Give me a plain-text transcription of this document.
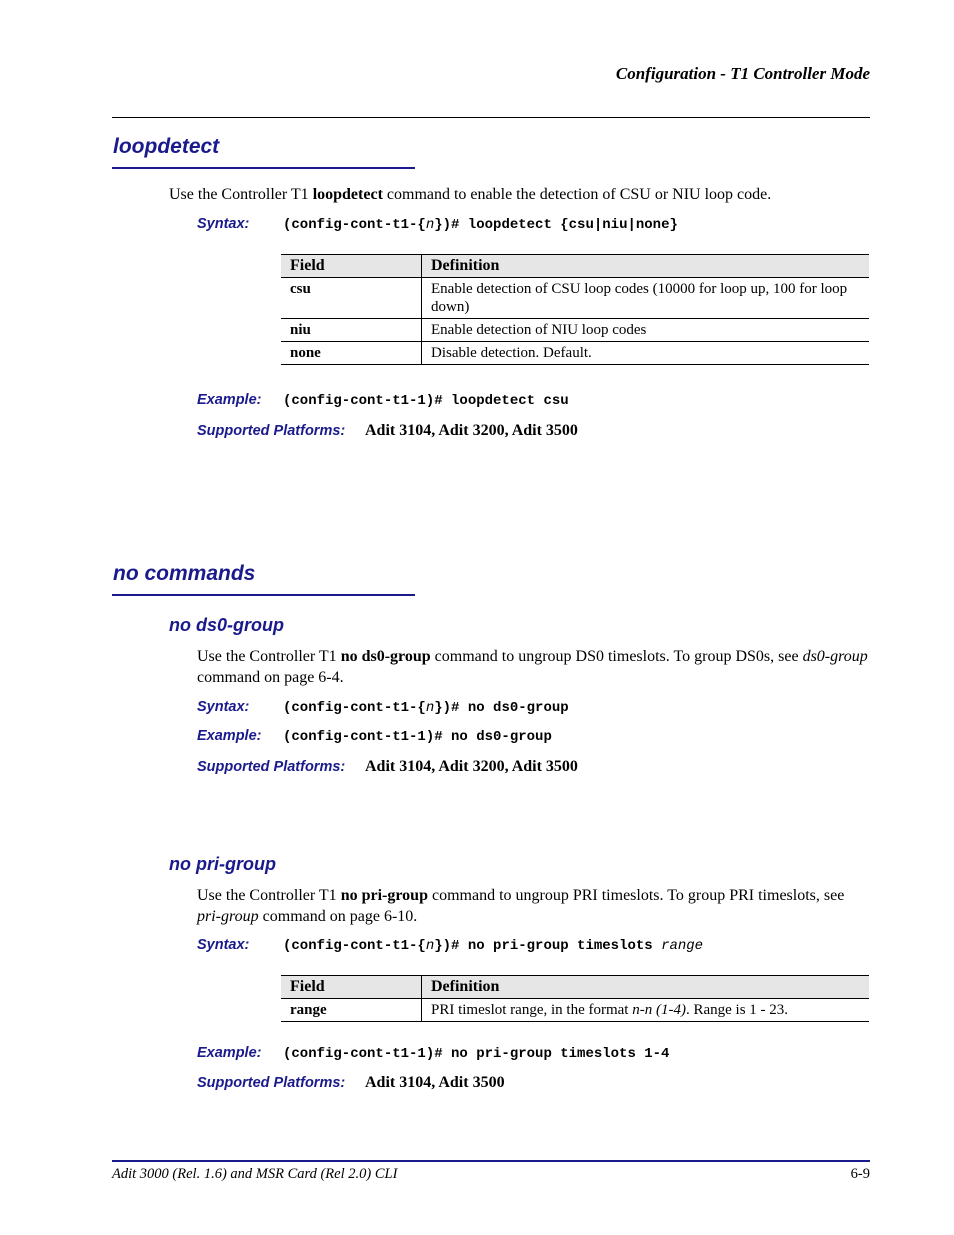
Configuration - T1 Controller Mode
loopdetect
Use the Controller T1 loopdetect command to enable the detection of CSU or NIU loop code.
Syntax: (config-cont-t1-{n})# loopdetect {csu|niu|none}
Field	Definition
csu	Enable detection of CSU loop codes (10000 for loop up, 100 for loop down)
niu	Enable detection of NIU loop codes
none	Disable detection. Default.
Example: (config-cont-t1-1)# loopdetect csu
Supported Platforms: Adit 3104, Adit 3200, Adit 3500
no commands
no ds0-group
Use the Controller T1 no ds0-group command to ungroup DS0 timeslots. To group DS0s, see ds0-group command on page 6-4.
Syntax: (config-cont-t1-{n})# no ds0-group
Example: (config-cont-t1-1)# no ds0-group
Supported Platforms: Adit 3104, Adit 3200, Adit 3500
no pri-group
Use the Controller T1 no pri-group command to ungroup PRI timeslots. To group PRI timeslots, see pri-group command on page 6-10.
Syntax: (config-cont-t1-{n})# no pri-group timeslots range
Field	Definition
range	PRI timeslot range, in the format n-n (1-4). Range is 1 - 23.
Example: (config-cont-t1-1)# no pri-group timeslots 1-4
Supported Platforms: Adit 3104, Adit 3500
Adit 3000 (Rel. 1.6) and MSR Card (Rel 2.0) CLI	6-9
